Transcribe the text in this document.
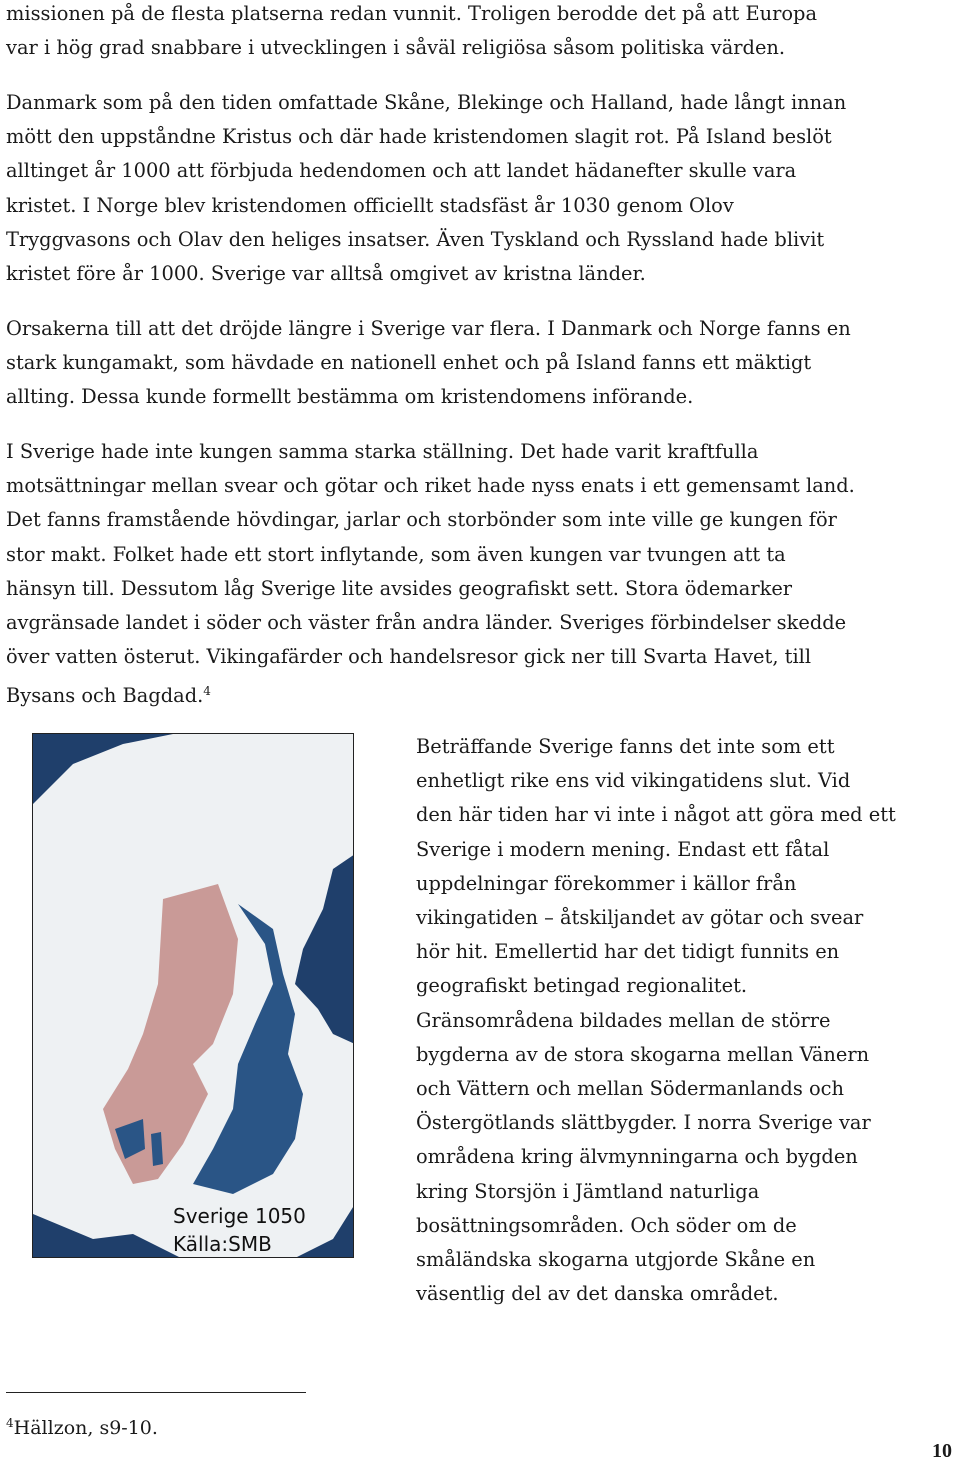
missionen på de flesta platserna redan vunnit. Troligen berodde det på att Europa
var i hög grad snabbare i utvecklingen i såväl religiösa såsom politiska värden.

Danmark som på den tiden omfattade Skåne, Blekinge och Halland, hade långt innan
mött den uppståndne Kristus och där hade kristendomen slagit rot. På Island beslöt
alltinget år 1000 att förbjuda hedendomen och att landet hädanefter skulle vara
kristet. I Norge blev kristendomen officiellt stadsfäst år 1030 genom Olov
Tryggvasons och Olav den heliges insatser. Även Tyskland och Ryssland hade blivit
kristet före år 1000. Sverige var alltså omgivet av kristna länder.

Orsakerna till att det dröjde längre i Sverige var flera. I Danmark och Norge fanns en
stark kungamakt, som hävdade en nationell enhet och på Island fanns ett mäktigt
allting. Dessa kunde formellt bestämma om kristendomens införande.

I Sverige hade inte kungen samma starka ställning. Det hade varit kraftfulla
motsättningar mellan svear och götar och riket hade nyss enats i ett gemensamt land.
Det fanns framstående hövdingar, jarlar och storbönder som inte ville ge kungen för
stor makt. Folket hade ett stort inflytande, som även kungen var tvungen att ta
hänsyn till. Dessutom låg Sverige lite avsides geografiskt sett. Stora ödemarker
avgränsade landet i söder och väster från andra länder. Sveriges förbindelser skedde
över vatten österut. Vikingafärder och handelsresor gick ner till Svarta Havet, till
Bysans och Bagdad.$^4$

Beträffande Sverige fanns det inte som ett
enhetligt rike ens vid vikingatidens slut. Vid
den här tiden har vi inte i något att göra med ett
Sverige i modern mening. Endast ett fåtal
uppdelningar förekommer i källor från
vikingatiden – åtskiljandet av götar och svear
hör hit. Emellertid har det tidigt funnits en
geografiskt betingad regionalitet.
Gränsområdena bildades mellan de större
bygderna av de stora skogarna mellan Vänern
och Vättern och mellan Södermanlands och
Östergötlands slättbygder. I norra Sverige var
områdena kring älvmynningarna och bygden
kring Storsjön i Jämtland naturliga
bosättningsområden. Och söder om de
småländska skogarna utgjorde Skåne en
väsentlig del av det danska området.

Sverige 1050
Källa:SMB
$^4$Hällzon, s9-10.
10
